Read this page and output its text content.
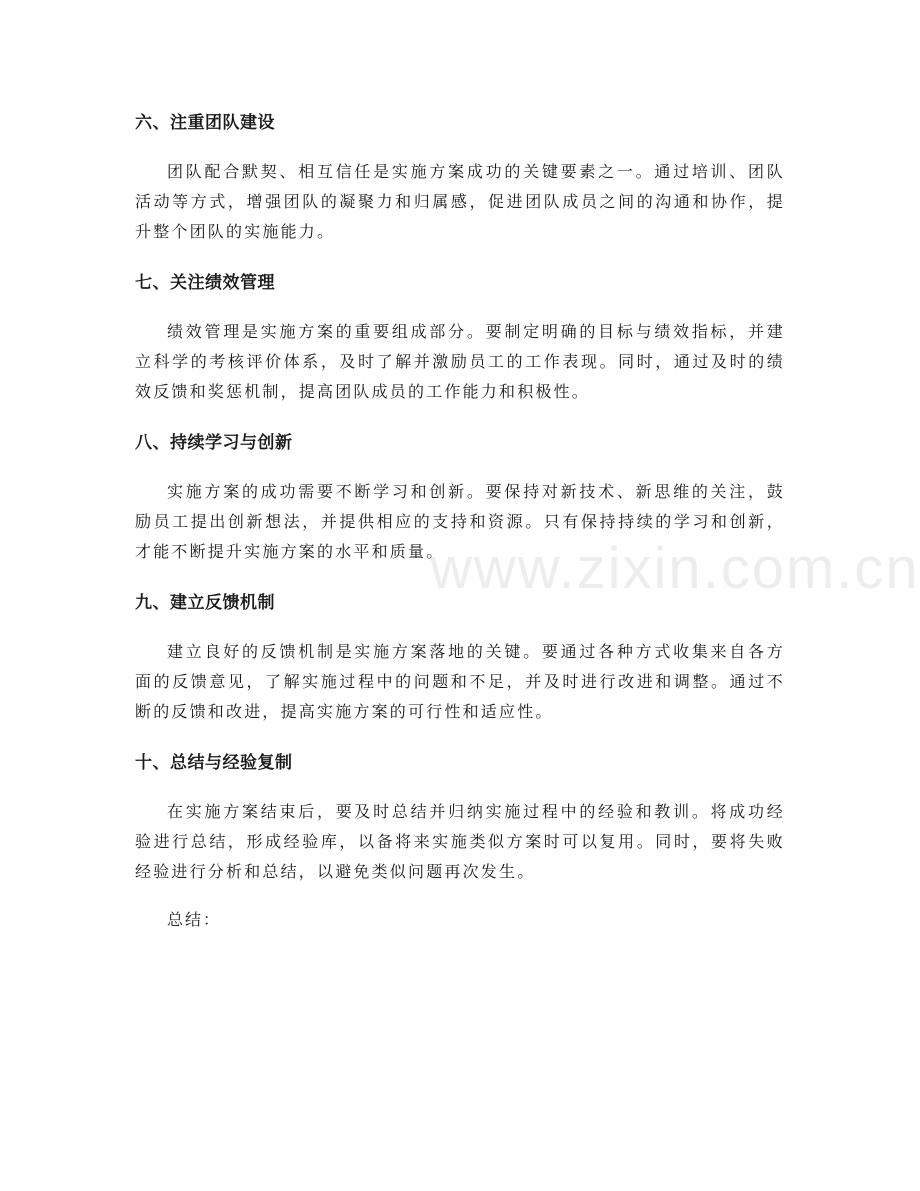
www.zixin.com.cn
六、注重团队建设

团队配合默契、相互信任是实施方案成功的关键要素之一。通过培训、团队活动等方式，增强团队的凝聚力和归属感，促进团队成员之间的沟通和协作，提升整个团队的实施能力。

七、关注绩效管理

绩效管理是实施方案的重要组成部分。要制定明确的目标与绩效指标，并建立科学的考核评价体系，及时了解并激励员工的工作表现。同时，通过及时的绩效反馈和奖惩机制，提高团队成员的工作能力和积极性。

八、持续学习与创新

实施方案的成功需要不断学习和创新。要保持对新技术、新思维的关注，鼓励员工提出创新想法，并提供相应的支持和资源。只有保持持续的学习和创新，才能不断提升实施方案的水平和质量。

九、建立反馈机制

建立良好的反馈机制是实施方案落地的关键。要通过各种方式收集来自各方面的反馈意见，了解实施过程中的问题和不足，并及时进行改进和调整。通过不断的反馈和改进，提高实施方案的可行性和适应性。

十、总结与经验复制

在实施方案结束后，要及时总结并归纳实施过程中的经验和教训。将成功经验进行总结，形成经验库，以备将来实施类似方案时可以复用。同时，要将失败经验进行分析和总结，以避免类似问题再次发生。

总结：
